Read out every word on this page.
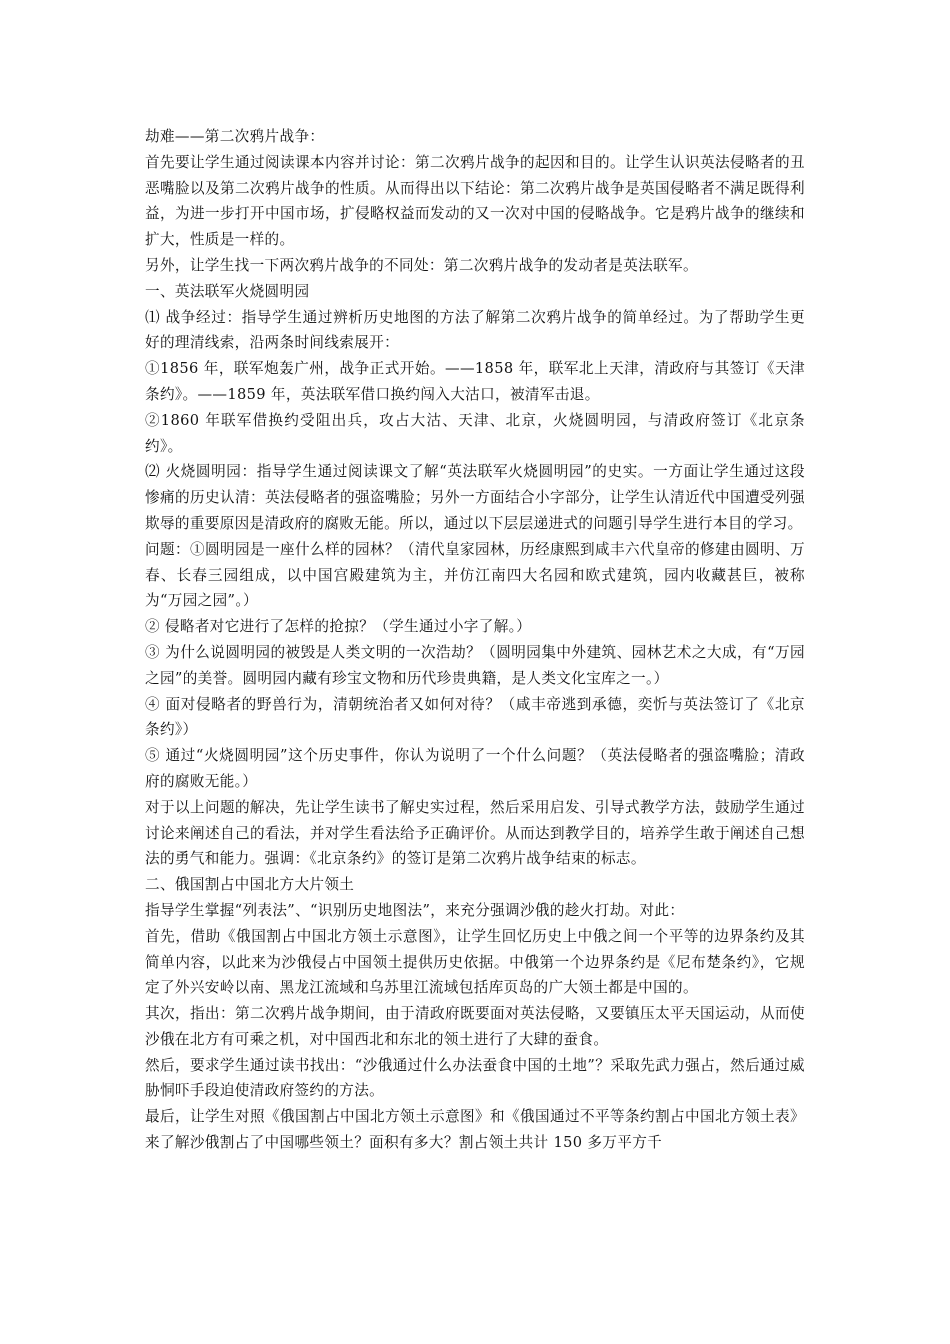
劫难——第二次鸦片战争：

首先要让学生通过阅读课本内容并讨论：第二次鸦片战争的起因和目的。让学生认识英法侵略者的丑恶嘴脸以及第二次鸦片战争的性质。从而得出以下结论：第二次鸦片战争是英国侵略者不满足既得利益，为进一步打开中国市场，扩侵略权益而发动的又一次对中国的侵略战争。它是鸦片战争的继续和扩大，性质是一样的。

另外，让学生找一下两次鸦片战争的不同处：第二次鸦片战争的发动者是英法联军。

一、英法联军火烧圆明园

⑴ 战争经过：指导学生通过辨析历史地图的方法了解第二次鸦片战争的简单经过。为了帮助学生更好的理清线索，沿两条时间线索展开：

①1856 年，联军炮轰广州，战争正式开始。——1858 年，联军北上天津，清政府与其签订《天津条约》。——1859 年，英法联军借口换约闯入大沽口，被清军击退。

②1860 年联军借换约受阻出兵，攻占大沽、天津、北京，火烧圆明园，与清政府签订《北京条约》。

⑵ 火烧圆明园：指导学生通过阅读课文了解“英法联军火烧圆明园”的史实。一方面让学生通过这段惨痛的历史认清：英法侵略者的强盗嘴脸；另外一方面结合小字部分，让学生认清近代中国遭受列强欺辱的重要原因是清政府的腐败无能。所以，通过以下层层递进式的问题引导学生进行本目的学习。

问题：①圆明园是一座什么样的园林？（清代皇家园林，历经康熙到咸丰六代皇帝的修建由圆明、万春、长春三园组成，以中国宫殿建筑为主，并仿江南四大名园和欧式建筑，园内收藏甚巨，被称为“万园之园”。）

② 侵略者对它进行了怎样的抢掠？（学生通过小字了解。）

③ 为什么说圆明园的被毁是人类文明的一次浩劫？（圆明园集中外建筑、园林艺术之大成，有“万园之园”的美誉。圆明园内藏有珍宝文物和历代珍贵典籍，是人类文化宝库之一。）

④ 面对侵略者的野兽行为，清朝统治者又如何对待？（咸丰帝逃到承德，奕忻与英法签订了《北京条约》）

⑤ 通过“火烧圆明园”这个历史事件，你认为说明了一个什么问题？（英法侵略者的强盗嘴脸；清政府的腐败无能。）

对于以上问题的解决，先让学生读书了解史实过程，然后采用启发、引导式教学方法，鼓励学生通过讨论来阐述自己的看法，并对学生看法给予正确评价。从而达到教学目的，培养学生敢于阐述自己想法的勇气和能力。强调：《北京条约》的签订是第二次鸦片战争结束的标志。

二、俄国割占中国北方大片领土

指导学生掌握“列表法”、“识别历史地图法”，来充分强调沙俄的趁火打劫。对此：

首先，借助《俄国割占中国北方领土示意图》，让学生回忆历史上中俄之间一个平等的边界条约及其简单内容，以此来为沙俄侵占中国领土提供历史依据。中俄第一个边界条约是《尼布楚条约》，它规定了外兴安岭以南、黑龙江流域和乌苏里江流域包括库页岛的广大领土都是中国的。

其次，指出：第二次鸦片战争期间，由于清政府既要面对英法侵略，又要镇压太平天国运动，从而使沙俄在北方有可乘之机，对中国西北和东北的领土进行了大肆的蚕食。

然后，要求学生通过读书找出：“沙俄通过什么办法蚕食中国的土地”？采取先武力强占，然后通过威胁恫吓手段迫使清政府签约的方法。

最后，让学生对照《俄国割占中国北方领土示意图》和《俄国通过不平等条约割占中国北方领土表》来了解沙俄割占了中国哪些领土？面积有多大？割占领土共计 150 多万平方千
